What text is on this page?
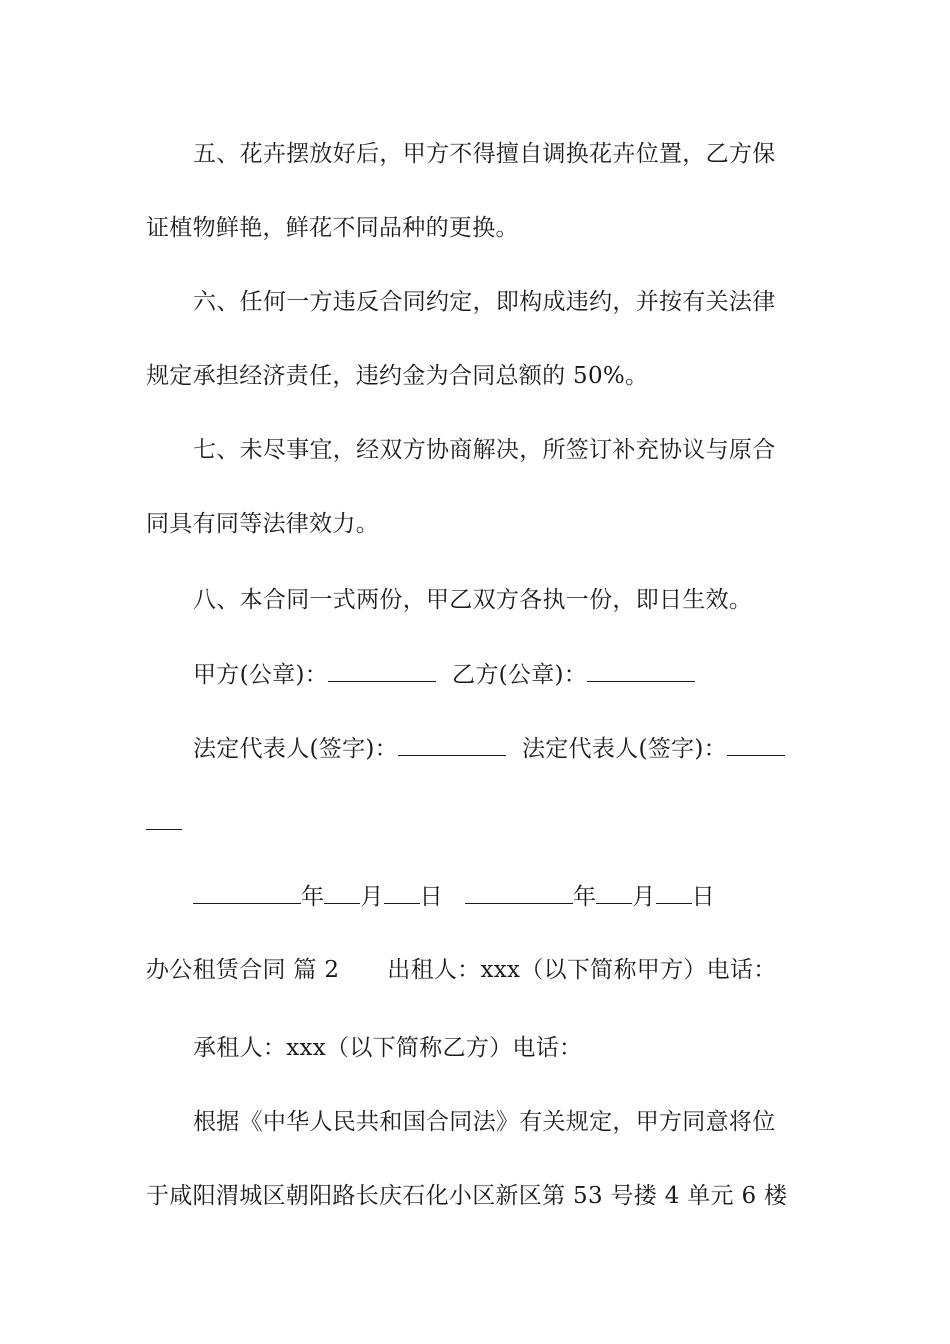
五、花卉摆放好后，甲方不得擅自调换花卉位置，乙方保
证植物鲜艳，鲜花不同品种的更换。
六、任何一方违反合同约定，即构成违约，并按有关法律
规定承担经济责任，违约金为合同总额的 50%。
七、未尽事宜，经双方协商解决，所签订补充协议与原合
同具有同等法律效力。
八、本合同一式两份，甲乙双方各执一份，即日生效。
甲方(公章)：	乙方(公章)：
法定代表人(签字)：	法定代表人(签字)：
年 月 日	年 月 日
办公租赁合同 篇 2 出租人：xxx（以下简称甲方）电话：
承租人：xxx（以下简称乙方）电话：
根据《中华人民共和国合同法》有关规定，甲方同意将位
于咸阳渭城区朝阳路长庆石化小区新区第 53 号搂 4 单元 6 楼
